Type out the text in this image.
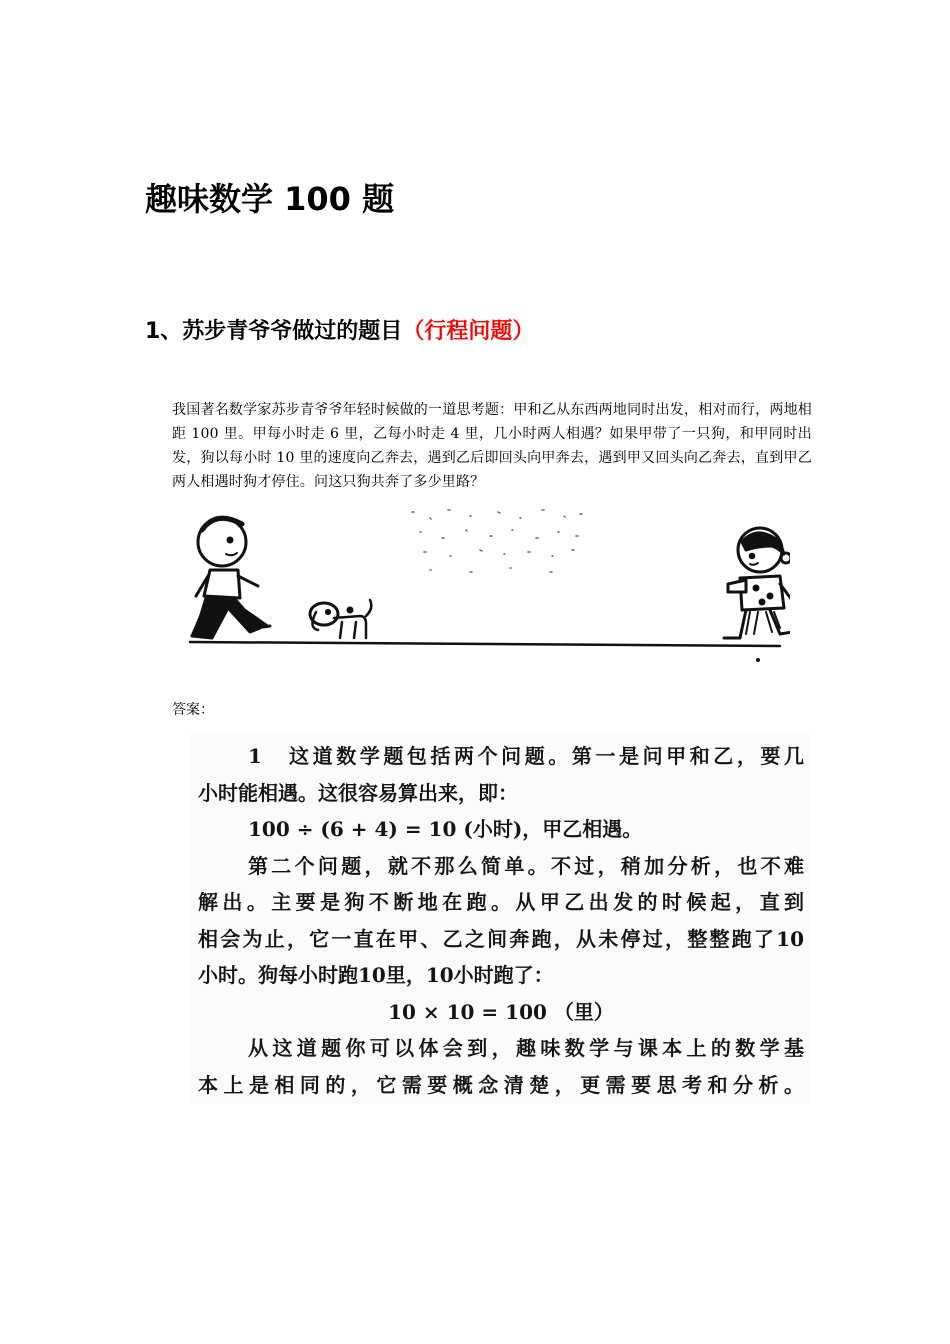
趣味数学 100 题
1、苏步青爷爷做过的题目（行程问题）

我国著名数学家苏步青爷爷年轻时候做的一道思考题：甲和乙从东西两地同时出发，相对而行，两地相距 100 里。甲每小时走 6 里，乙每小时走 4 里，几小时两人相遇？如果甲带了一只狗，和甲同时出发，狗以每小时 10 里的速度向乙奔去，遇到乙后即回头向甲奔去，遇到甲又回头向乙奔去，直到甲乙两人相遇时狗才停住。问这只狗共奔了多少里路？

答案：

1　这道数学题包括两个问题。第一是问甲和乙，要几
小时能相遇。这很容易算出来，即：
100 ÷ (6 + 4) = 10 (小时)，甲乙相遇。
第二个问题，就不那么简单。不过，稍加分析，也不难
解出。主要是狗不断地在跑。从甲乙出发的时候起，直到
相会为止，它一直在甲、乙之间奔跑，从未停过，整整跑了10
小时。狗每小时跑10里，10小时跑了：
10 × 10 = 100 （里）
从这道题你可以体会到，趣味数学与课本上的数学基
本上是相同的，它需要概念清楚，更需要思考和分析。
